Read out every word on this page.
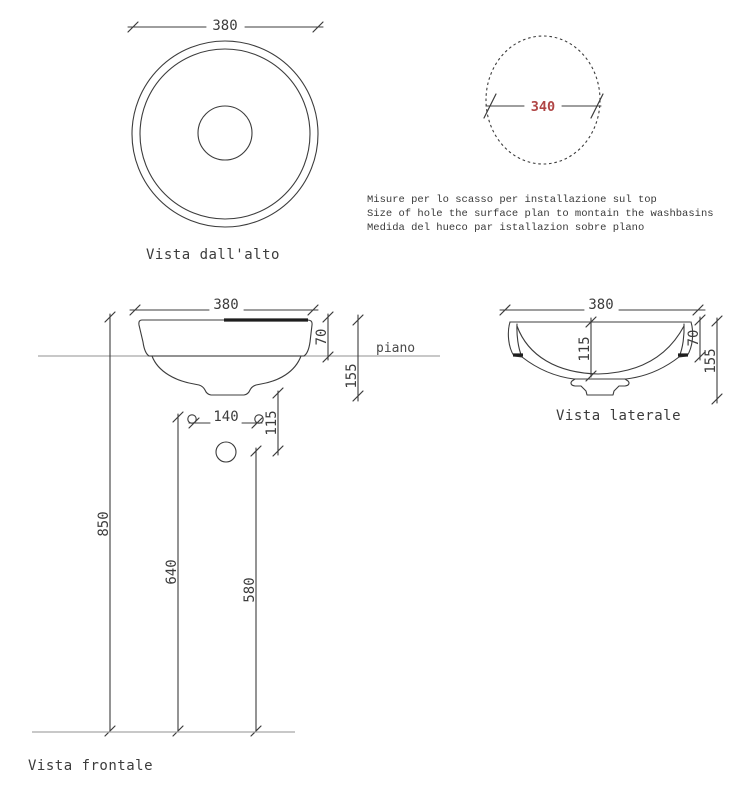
380
Vista dall'alto
340
Misure per lo scasso per installazione sul top
Size of hole the surface plan to montain the washbasins
Medida del hueco par istallazion sobre plano
piano
380
70
155
140 115
850
640
580
Vista frontale
380
115	70
155
Vista laterale
